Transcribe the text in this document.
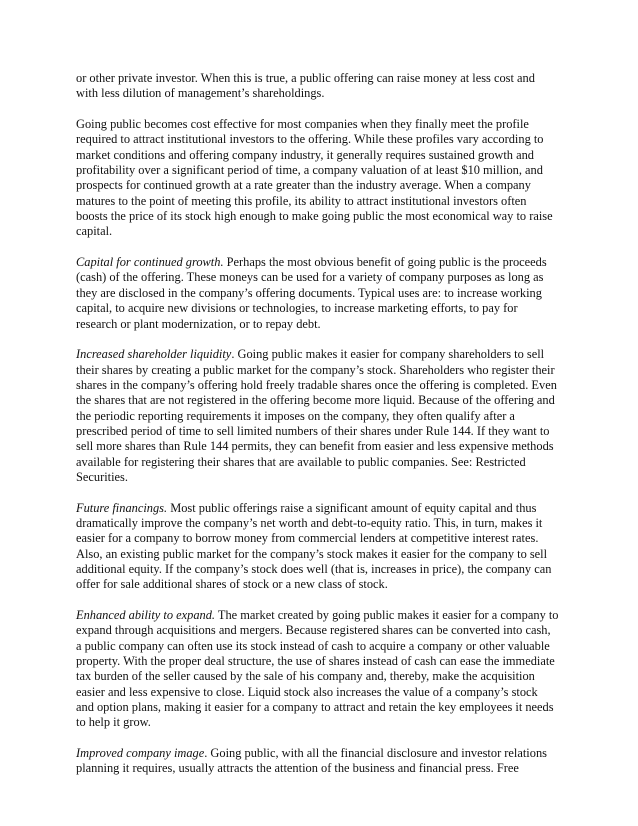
or other private investor. When this is true, a public offering can raise money at less cost and
with less dilution of management’s shareholdings.

Going public becomes cost effective for most companies when they finally meet the profile
required to attract institutional investors to the offering. While these profiles vary according to
market conditions and offering company industry, it generally requires sustained growth and
profitability over a significant period of time, a company valuation of at least $10 million, and
prospects for continued growth at a rate greater than the industry average. When a company
matures to the point of meeting this profile, its ability to attract institutional investors often
boosts the price of its stock high enough to make going public the most economical way to raise
capital.

Capital for continued growth. Perhaps the most obvious benefit of going public is the proceeds
(cash) of the offering. These moneys can be used for a variety of company purposes as long as
they are disclosed in the company’s offering documents. Typical uses are: to increase working
capital, to acquire new divisions or technologies, to increase marketing efforts, to pay for
research or plant modernization, or to repay debt.

Increased shareholder liquidity. Going public makes it easier for company shareholders to sell
their shares by creating a public market for the company’s stock. Shareholders who register their
shares in the company’s offering hold freely tradable shares once the offering is completed. Even
the shares that are not registered in the offering become more liquid. Because of the offering and
the periodic reporting requirements it imposes on the company, they often qualify after a
prescribed period of time to sell limited numbers of their shares under Rule 144. If they want to
sell more shares than Rule 144 permits, they can benefit from easier and less expensive methods
available for registering their shares that are available to public companies. See: Restricted
Securities.

Future financings. Most public offerings raise a significant amount of equity capital and thus
dramatically improve the company’s net worth and debt-to-equity ratio. This, in turn, makes it
easier for a company to borrow money from commercial lenders at competitive interest rates.
Also, an existing public market for the company’s stock makes it easier for the company to sell
additional equity. If the company’s stock does well (that is, increases in price), the company can
offer for sale additional shares of stock or a new class of stock.

Enhanced ability to expand. The market created by going public makes it easier for a company to
expand through acquisitions and mergers. Because registered shares can be converted into cash,
a public company can often use its stock instead of cash to acquire a company or other valuable
property. With the proper deal structure, the use of shares instead of cash can ease the immediate
tax burden of the seller caused by the sale of his company and, thereby, make the acquisition
easier and less expensive to close. Liquid stock also increases the value of a company’s stock
and option plans, making it easier for a company to attract and retain the key employees it needs
to help it grow.

Improved company image. Going public, with all the financial disclosure and investor relations
planning it requires, usually attracts the attention of the business and financial press. Free
